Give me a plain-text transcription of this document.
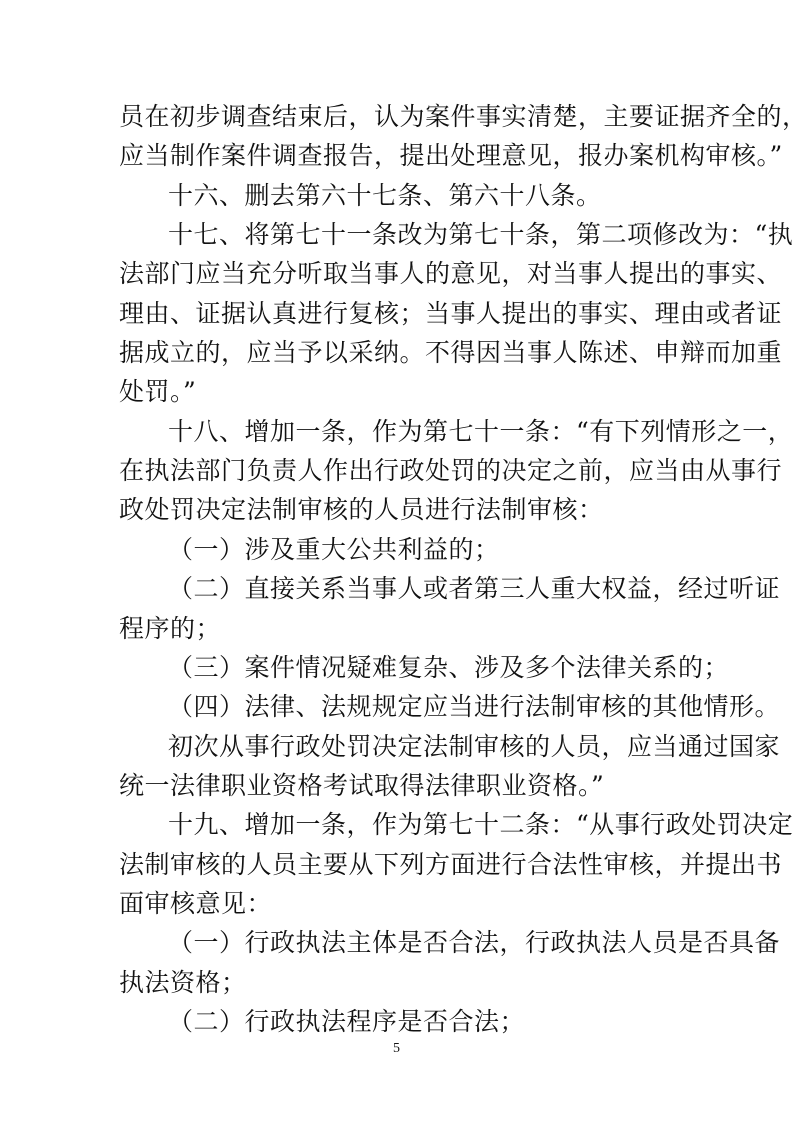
员在初步调查结束后，认为案件事实清楚，主要证据齐全的，
应当制作案件调查报告，提出处理意见，报办案机构审核。”
十六、删去第六十七条、第六十八条。
十七、将第七十一条改为第七十条，第二项修改为：“执
法部门应当充分听取当事人的意见，对当事人提出的事实、
理由、证据认真进行复核；当事人提出的事实、理由或者证
据成立的，应当予以采纳。不得因当事人陈述、申辩而加重
处罚。”
十八、增加一条，作为第七十一条：“有下列情形之一，
在执法部门负责人作出行政处罚的决定之前，应当由从事行
政处罚决定法制审核的人员进行法制审核：
（一）涉及重大公共利益的；
（二）直接关系当事人或者第三人重大权益，经过听证
程序的；
（三）案件情况疑难复杂、涉及多个法律关系的；
（四）法律、法规规定应当进行法制审核的其他情形。
初次从事行政处罚决定法制审核的人员，应当通过国家
统一法律职业资格考试取得法律职业资格。”
十九、增加一条，作为第七十二条：“从事行政处罚决定
法制审核的人员主要从下列方面进行合法性审核，并提出书
面审核意见：
（一）行政执法主体是否合法，行政执法人员是否具备
执法资格；
（二）行政执法程序是否合法；
5
